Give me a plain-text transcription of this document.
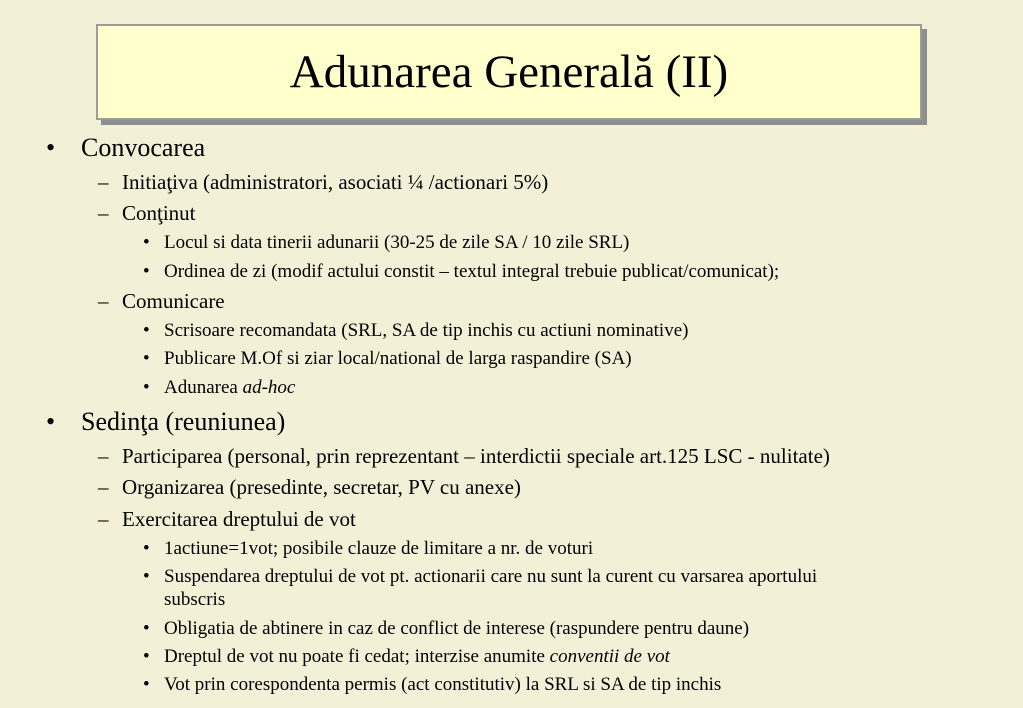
Adunarea Generală (II)
• Convocarea
– Initiaţiva (administratori, asociati ¼ /actionari 5%)
– Conţinut
• Locul si data tinerii adunarii (30-25 de zile SA / 10 zile SRL)
• Ordinea de zi (modif actului constit – textul integral trebuie publicat/comunicat);
– Comunicare
• Scrisoare recomandata (SRL, SA de tip inchis cu actiuni nominative)
• Publicare M.Of si ziar local/national de larga raspandire (SA)
• Adunarea ad-hoc
• Sedinţa (reuniunea)
– Participarea (personal, prin reprezentant – interdictii speciale art.125 LSC - nulitate)
– Organizarea (presedinte, secretar, PV cu anexe)
– Exercitarea dreptului de vot
• 1actiune=1vot; posibile clauze de limitare a nr. de voturi
• Suspendarea dreptului de vot pt. actionarii care nu sunt la curent cu varsarea aportului
subscris
• Obligatia de abtinere in caz de conflict de interese (raspundere pentru daune)
• Dreptul de vot nu poate fi cedat; interzise anumite conventii de vot
• Vot prin corespondenta permis (act constitutiv) la SRL si SA de tip inchis
